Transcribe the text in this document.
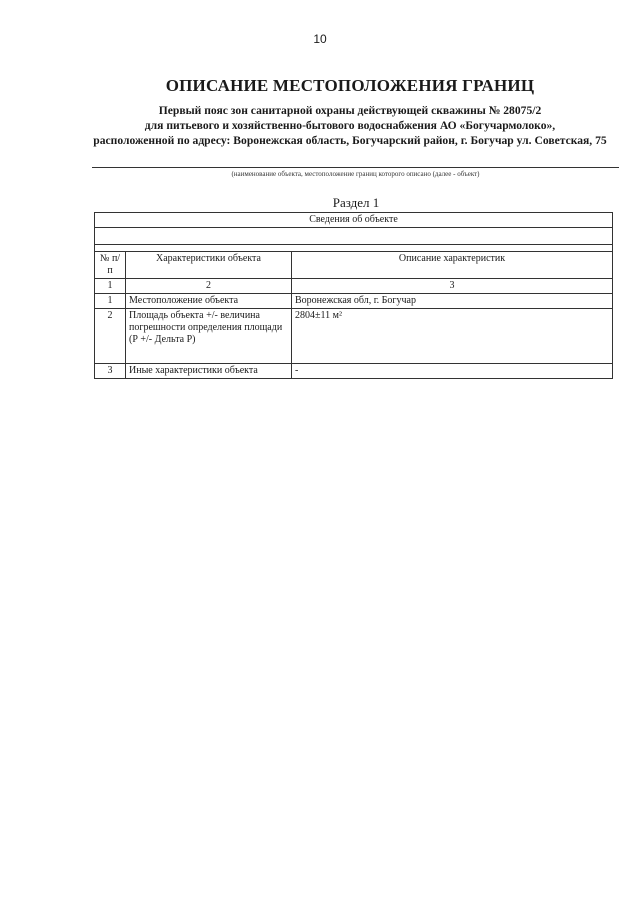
10
ОПИСАНИЕ МЕСТОПОЛОЖЕНИЯ ГРАНИЦ
Первый пояс зон санитарной охраны действующей скважины № 28075/2
для питьевого и хозяйственно-бытового водоснабжения АО «Богучармолоко»,
расположенной по адресу: Воронежская область, Богучарский район, г. Богучар ул. Советская, 75
(наименование объекта, местоположение границ которого описано (далее - объект)
Раздел 1
Сведения об объекте		

№ п/п	Характеристики объекта	Описание характеристик
1	2	3
1	Местоположение объекта	Воронежская обл, г. Богучар
2	Площадь объекта +/- величина погрешности определения площади (Р +/- Дельта Р)	2804±11 м²
3	Иные характеристики объекта	-
